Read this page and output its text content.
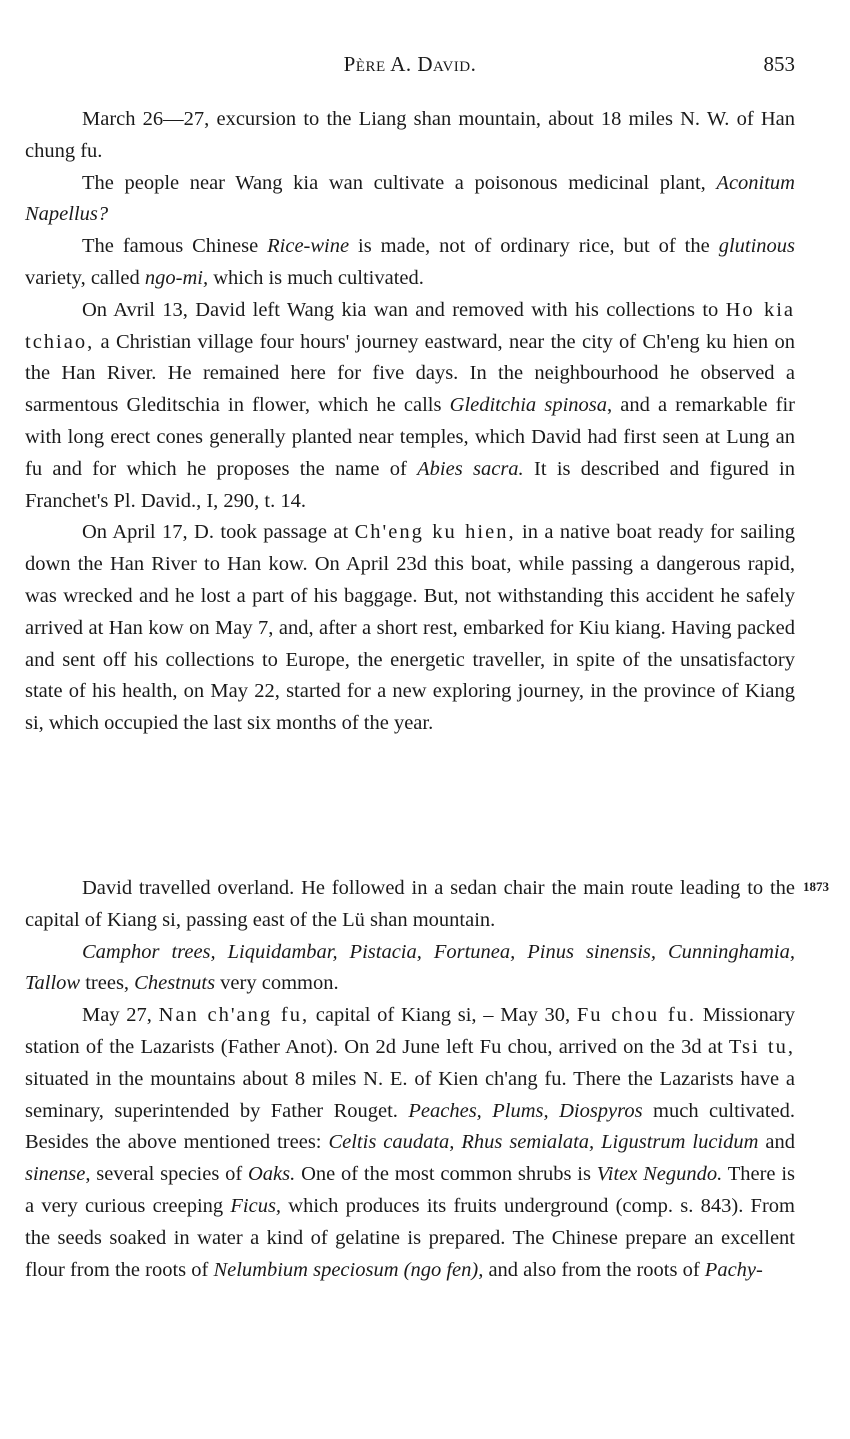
Père A. David.	853

March 26—27, excursion to the Liang shan mountain, about 18 miles N. W. of Han chung fu.

The people near Wang kia wan cultivate a poisonous medicinal plant, Aconitum Napellus?

The famous Chinese Rice-wine is made, not of ordinary rice, but of the glutinous variety, called ngo-mi, which is much cultivated.

On Avril 13, David left Wang kia wan and removed with his collections to Ho kia tchiao, a Christian village four hours' journey eastward, near the city of Ch'eng ku hien on the Han River. He remained here for five days. In the neighbourhood he observed a sarmentous Gleditschia in flower, which he calls Gleditchia spinosa, and a remarkable fir with long erect cones generally planted near temples, which David had first seen at Lung an fu and for which he proposes the name of Abies sacra. It is described and figured in Franchet's Pl. David., I, 290, t. 14.

On April 17, D. took passage at Ch'eng ku hien, in a native boat ready for sailing down the Han River to Han kow. On April 23d this boat, while passing a dangerous rapid, was wrecked and he lost a part of his baggage. But, not withstanding this accident he safely arrived at Han kow on May 7, and, after a short rest, embarked for Kiu kiang. Having packed and sent off his collections to Europe, the energetic traveller, in spite of the unsatisfactory state of his health, on May 22, started for a new exploring journey, in the province of Kiang si, which occupied the last six months of the year.

1873

David travelled overland. He followed in a sedan chair the main route leading to the capital of Kiang si, passing east of the Lü shan mountain.

Camphor trees, Liquidambar, Pistacia, Fortunea, Pinus sinensis, Cunninghamia, Tallow trees, Chestnuts very common.

May 27, Nan ch'ang fu, capital of Kiang si, – May 30, Fu chou fu. Missionary station of the Lazarists (Father Anot). On 2d June left Fu chou, arrived on the 3d at Tsi tu, situated in the mountains about 8 miles N. E. of Kien ch'ang fu. There the Lazarists have a seminary, superintended by Father Rouget. Peaches, Plums, Diospyros much cultivated. Besides the above mentioned trees: Celtis caudata, Rhus semialata, Ligustrum lucidum and sinense, several species of Oaks. One of the most common shrubs is Vitex Negundo. There is a very curious creeping Ficus, which produces its fruits underground (comp. s. 843). From the seeds soaked in water a kind of gelatine is prepared. The Chinese prepare an excellent flour from the roots of Nelumbium speciosum (ngo fen), and also from the roots of Pachy-
